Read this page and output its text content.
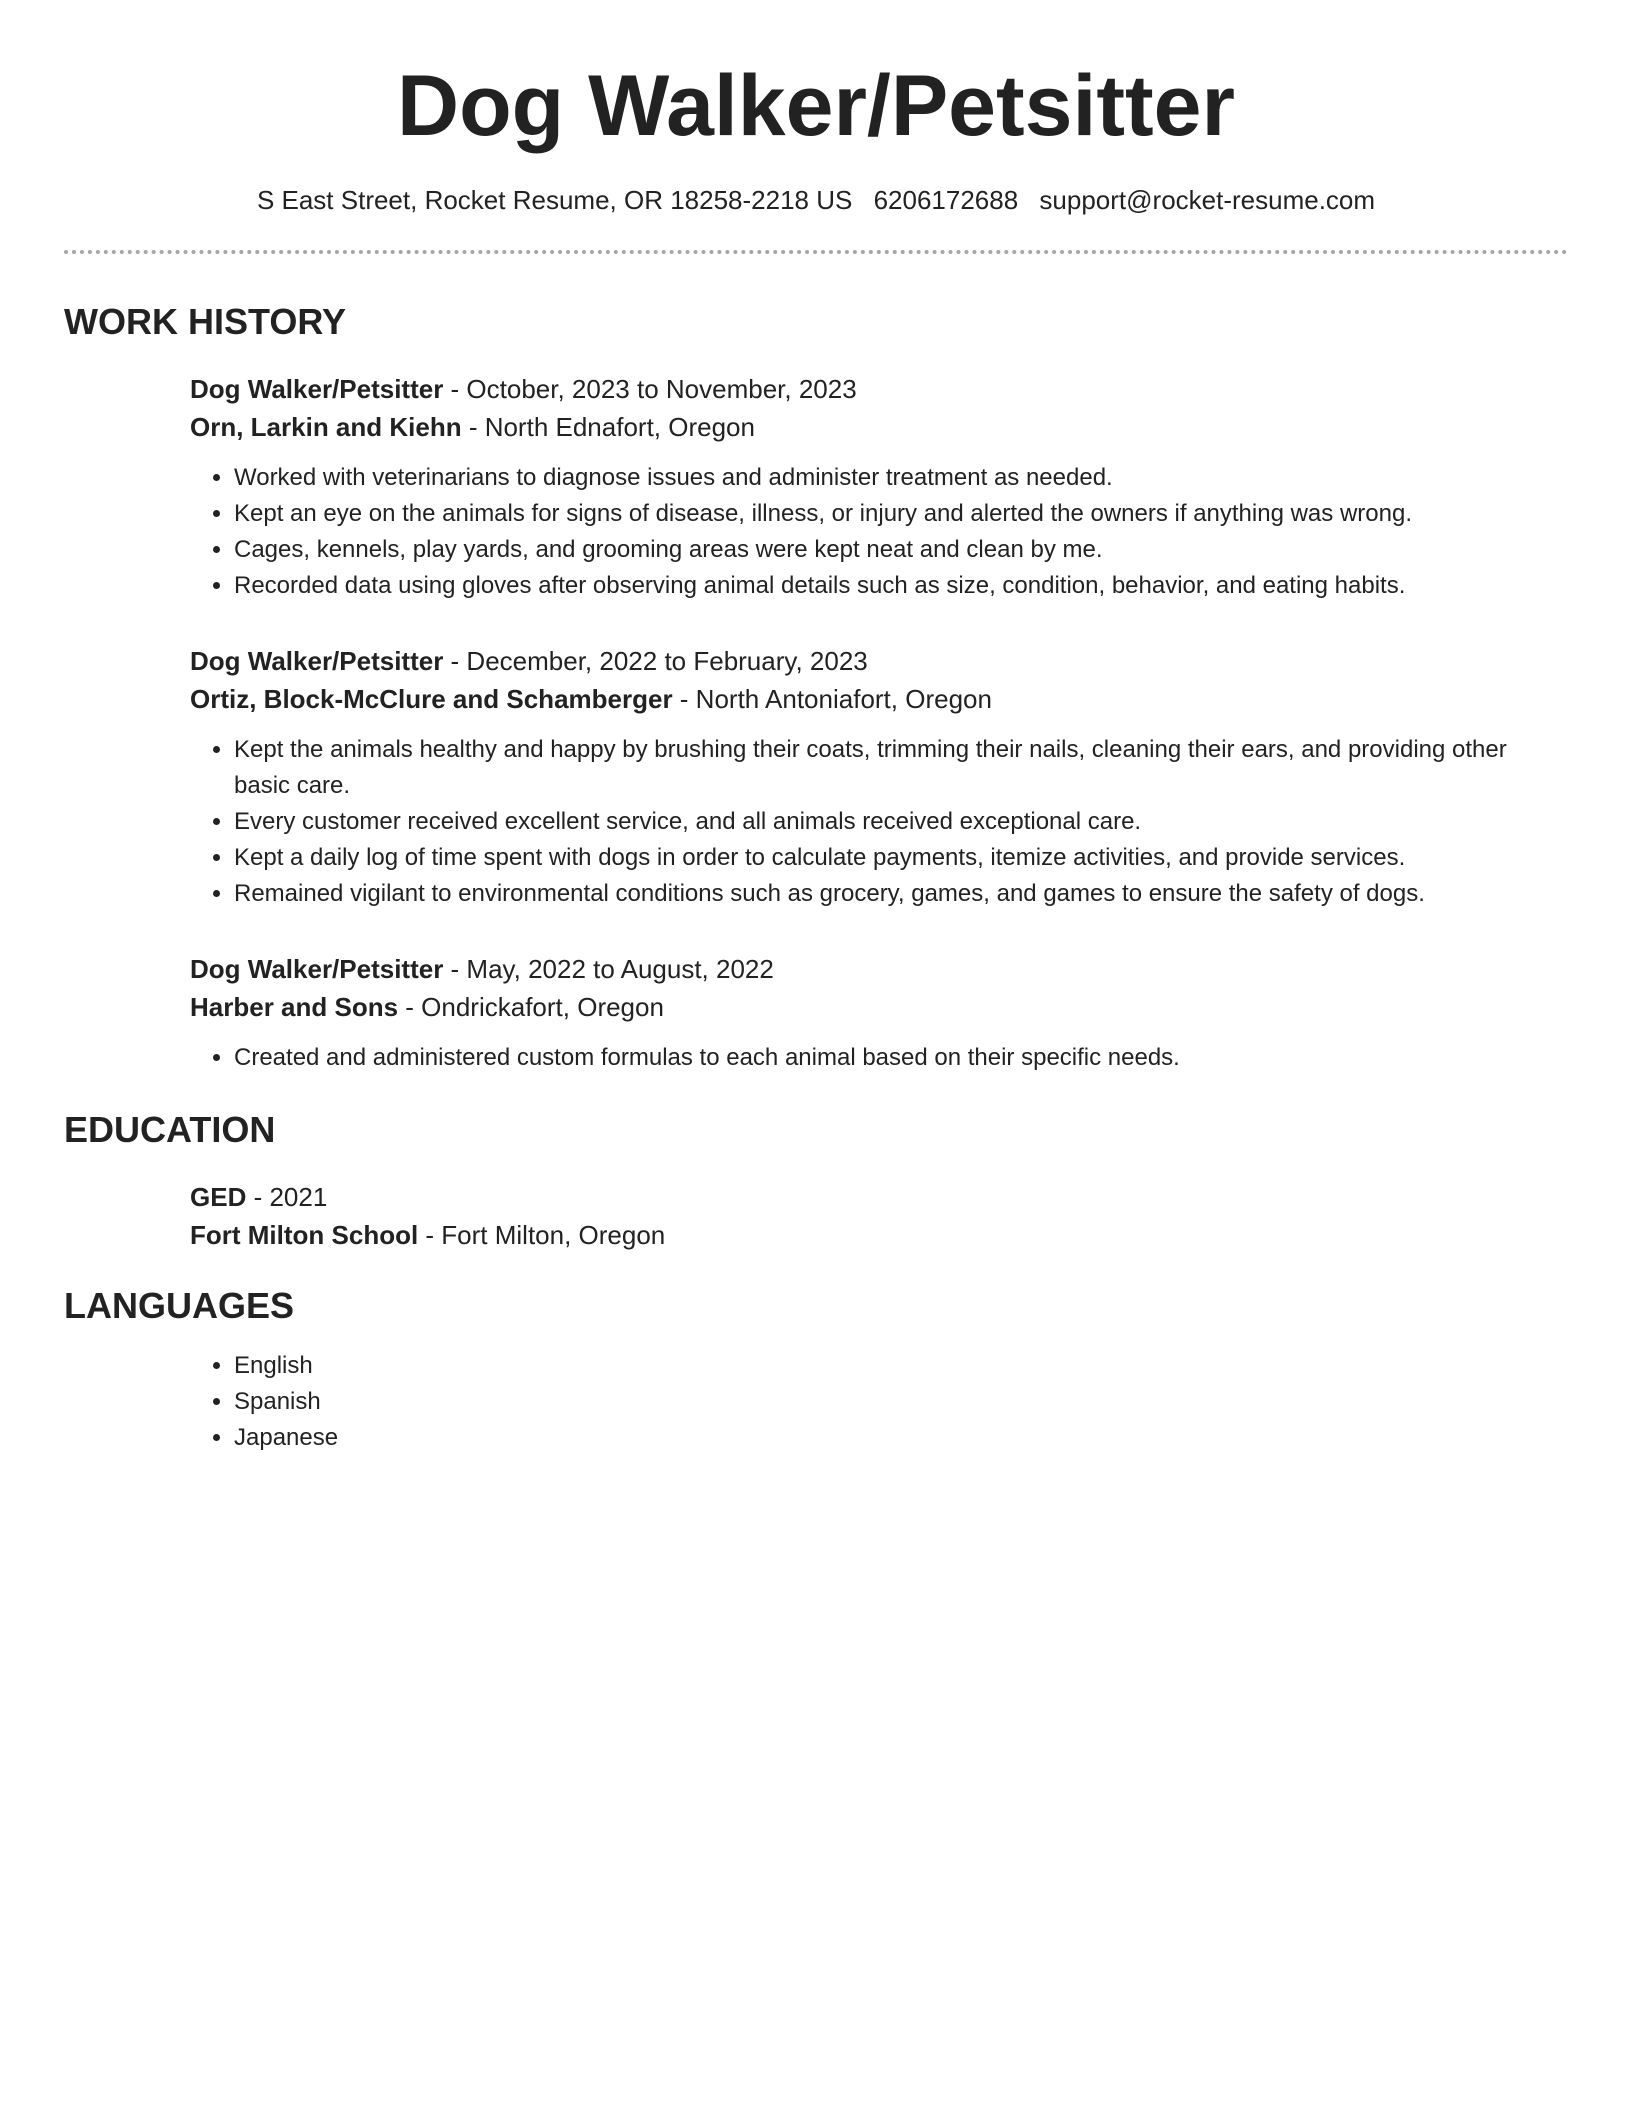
Dog Walker/Petsitter
S East Street, Rocket Resume, OR 18258-2218 US 6206172688 support@rocket-resume.com
WORK HISTORY
Dog Walker/Petsitter - October, 2023 to November, 2023
Orn, Larkin and Kiehn - North Ednafort, Oregon
• Worked with veterinarians to diagnose issues and administer treatment as needed.
• Kept an eye on the animals for signs of disease, illness, or injury and alerted the owners if anything was wrong.
• Cages, kennels, play yards, and grooming areas were kept neat and clean by me.
• Recorded data using gloves after observing animal details such as size, condition, behavior, and eating habits.
Dog Walker/Petsitter - December, 2022 to February, 2023
Ortiz, Block-McClure and Schamberger - North Antoniafort, Oregon
• Kept the animals healthy and happy by brushing their coats, trimming their nails, cleaning their ears, and providing other basic care.
• Every customer received excellent service, and all animals received exceptional care.
• Kept a daily log of time spent with dogs in order to calculate payments, itemize activities, and provide services.
• Remained vigilant to environmental conditions such as grocery, games, and games to ensure the safety of dogs.
Dog Walker/Petsitter - May, 2022 to August, 2022
Harber and Sons - Ondrickafort, Oregon
• Created and administered custom formulas to each animal based on their specific needs.
EDUCATION
GED - 2021
Fort Milton School - Fort Milton, Oregon
LANGUAGES
• English
• Spanish
• Japanese
